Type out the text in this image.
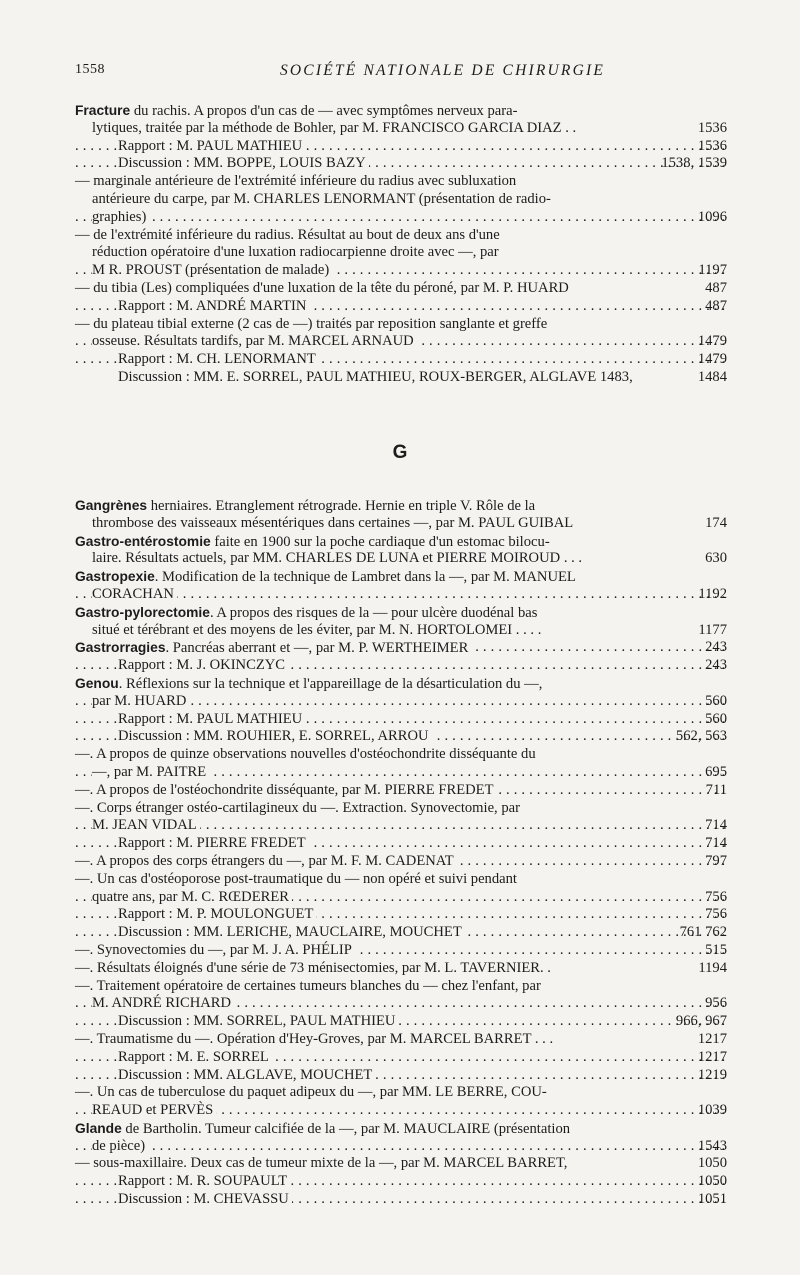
1558	SOCIÉTÉ NATIONALE DE CHIRURGIE
Fracture du rachis. A propos d'un cas de — avec symptômes nerveux para-
lytiques, traitée par la méthode de Bohler, par M. FRANCISCO GARCIA DIAZ . .	1536
Rapport : M. PAUL MATHIEU	1536
. . .
Discussion : MM. BOPPE, LOUIS BAZY	1538, 1539
. . .
— marginale antérieure de l'extrémité inférieure du radius avec subluxation
antérieure du carpe, par M. CHARLES LENORMANT (présentation de radio-
graphies)	1096
. . .
— de l'extrémité inférieure du radius. Résultat au bout de deux ans d'une
réduction opératoire d'une luxation radiocarpienne droite avec —, par
M R. PROUST (présentation de malade)	1197
. . .
— du tibia (Les) compliquées d'une luxation de la tête du péroné, par M. P. HUARD	487
Rapport : M. ANDRÉ MARTIN	487
. . .
— du plateau tibial externe (2 cas de —) traités par reposition sanglante et greffe
osseuse. Résultats tardifs, par M. MARCEL ARNAUD	1479
. . .
Rapport : M. CH. LENORMANT	1479
. . .
Discussion : MM. E. SORREL, PAUL MATHIEU, ROUX-BERGER, ALGLAVE 1483,	1484
G
Gangrènes herniaires. Etranglement rétrograde. Hernie en triple V. Rôle de la
thrombose des vaisseaux mésentériques dans certaines —, par M. PAUL GUIBAL	174
Gastro-entérostomie faite en 1900 sur la poche cardiaque d'un estomac bilocu-
laire. Résultats actuels, par MM. CHARLES DE LUNA et PIERRE MOIROUD . . .	630
Gastropexie. Modification de la technique de Lambret dans la —, par M. MANUEL
CORACHAN	1192
. . .
Gastro-pylorectomie. A propos des risques de la — pour ulcère duodénal bas
situé et térébrant et des moyens de les éviter, par M. N. HORTOLOMEI . . . .	1177
Gastrorragies. Pancréas aberrant et —, par M. P. WERTHEIMER	243
. . .
Rapport : M. J. OKINCZYC	243
. . .
Genou. Réflexions sur la technique et l'appareillage de la désarticulation du —,
par M. HUARD	560
. . .
Rapport : M. PAUL MATHIEU	560
. . .
Discussion : MM. ROUHIER, E. SORREL, ARROU	562, 563
. . .
—. A propos de quinze observations nouvelles d'ostéochondrite disséquante du
—, par M. PAITRE	695
. . .
—. A propos de l'ostéochondrite disséquante, par M. PIERRE FREDET	711
. . .
—. Corps étranger ostéo-cartilagineux du —. Extraction. Synovectomie, par
M. JEAN VIDAL	714
. . .
Rapport : M. PIERRE FREDET	714
. . .
—. A propos des corps étrangers du —, par M. F. M. CADENAT	797
. . .
—. Un cas d'ostéoporose post-traumatique du — non opéré et suivi pendant
quatre ans, par M. C. RŒDERER	756
. . .
Rapport : M. P. MOULONGUET	756
. . .
Discussion : MM. LERICHE, MAUCLAIRE, MOUCHET	761 762
. . .
—. Synovectomies du —, par M. J. A. PHÉLIP	515
. . .
—. Résultats éloignés d'une série de 73 ménisectomies, par M. L. TAVERNIER. .	1194
—. Traitement opératoire de certaines tumeurs blanches du — chez l'enfant, par
M. ANDRÉ RICHARD	956
. . .
Discussion : MM. SORREL, PAUL MATHIEU	966, 967
. . .
—. Traumatisme du —. Opération d'Hey-Groves, par M. MARCEL BARRET . . .	1217
Rapport : M. E. SORREL	1217
. . .
Discussion : MM. ALGLAVE, MOUCHET	1219
. . .
—. Un cas de tuberculose du paquet adipeux du —, par MM. LE BERRE, COU-
REAUD et PERVÈS	1039
. . .
Glande de Bartholin. Tumeur calcifiée de la —, par M. MAUCLAIRE (présentation
de pièce)	1543
. . .
— sous-maxillaire. Deux cas de tumeur mixte de la —, par M. MARCEL BARRET,	1050
Rapport : M. R. SOUPAULT	1050
. . .
Discussion : M. CHEVASSU	1051
. . .
